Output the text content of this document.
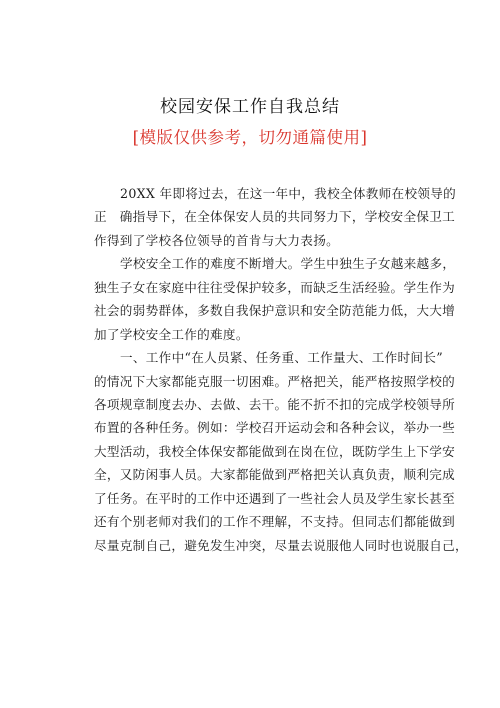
校园安保工作自我总结
[模版仅供参考，切勿通篇使用]
20XX 年即将过去，在这一年中，我校全体教师在校领导的
正　确指导下，在全体保安人员的共同努力下，学校安全保卫工
作得到了学校各位领导的首肯与大力表扬。
学校安全工作的难度不断增大。学生中独生子女越来越多，
独生子女在家庭中往往受保护较多，而缺乏生活经验。学生作为
社会的弱势群体，多数自我保护意识和安全防范能力低，大大增
加了学校安全工作的难度。
一、工作中“在人员紧、任务重、工作量大、工作时间长”
的情况下大家都能克服一切困难。严格把关，能严格按照学校的
各项规章制度去办、去做、去干。能不折不扣的完成学校领导所
布置的各种任务。例如：学校召开运动会和各种会议，举办一些
大型活动，我校全体保安都能做到在岗在位，既防学生上下学安
全，又防闲事人员。大家都能做到严格把关认真负责，顺利完成
了任务。在平时的工作中还遇到了一些社会人员及学生家长甚至
还有个别老师对我们的工作不理解，不支持。但同志们都能做到
尽量克制自己，避免发生冲突，尽量去说服他人同时也说服自己，
